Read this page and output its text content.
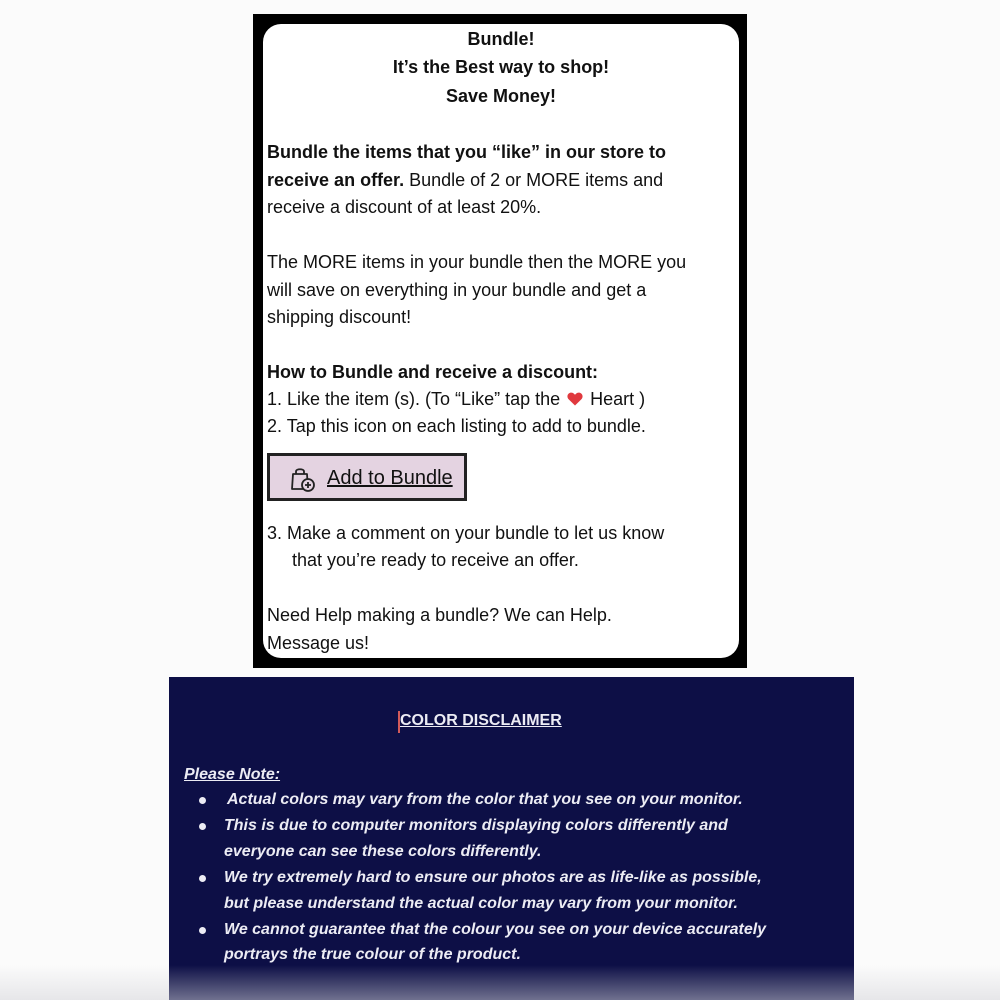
Bundle!
It’s the Best way to shop!
Save Money!
Bundle the items that you “like” in our store to
receive an offer. Bundle of 2 or MORE items and
receive a discount of at least 20%.
The MORE items in your bundle then the MORE you
will save on everything in your bundle and get a
shipping discount!
How to Bundle and receive a discount:
1. Like the item (s). (To “Like” tap the Heart )
2. Tap this icon on each listing to add to bundle.
Add to Bundle
3. Make a comment on your bundle to let us know
that you’re ready to receive an offer.
Need Help making a bundle? We can Help.
Message us!
COLOR DISCLAIMER
Please Note:
Actual colors may vary from the color that you see on your monitor.
This is due to computer monitors displaying colors differently and
everyone can see these colors differently.
We try extremely hard to ensure our photos are as life-like as possible,
but please understand the actual color may vary from your monitor.
We cannot guarantee that the colour you see on your device accurately
portrays the true colour of the product.
